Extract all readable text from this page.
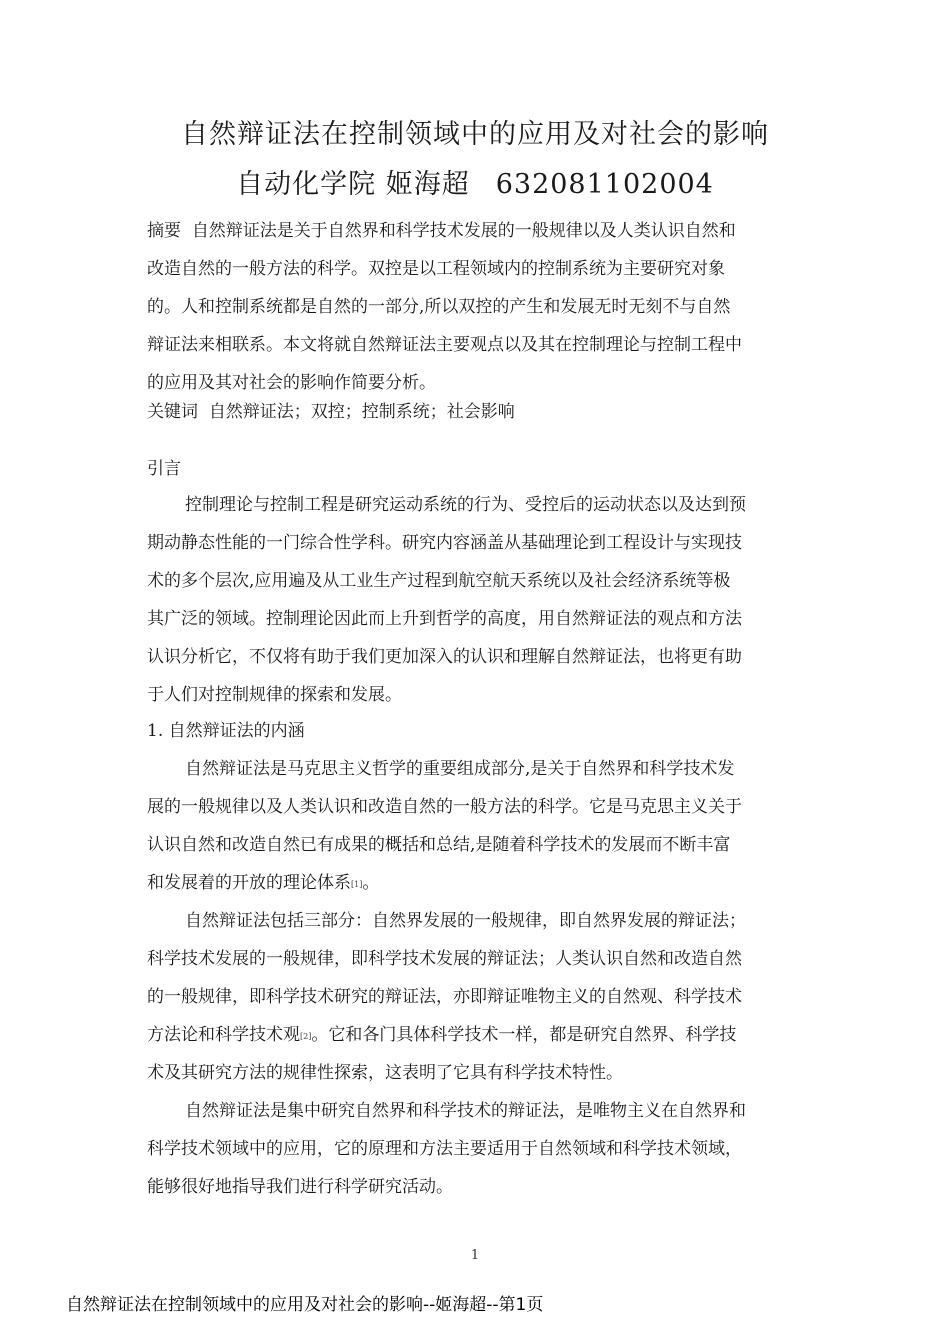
自然辩证法在控制领域中的应用及对社会的影响
自动化学院 姬海超 632081102004
摘要 自然辩证法是关于自然界和科学技术发展的一般规律以及人类认识自然和
改造自然的一般方法的科学。双控是以工程领域内的控制系统为主要研究对象
的。人和控制系统都是自然的一部分,所以双控的产生和发展无时无刻不与自然
辩证法来相联系。本文将就自然辩证法主要观点以及其在控制理论与控制工程中
的应用及其对社会的影响作简要分析。
关键词 自然辩证法；双控；控制系统；社会影响
引言
控制理论与控制工程是研究运动系统的行为、受控后的运动状态以及达到预
期动静态性能的一门综合性学科。研究内容涵盖从基础理论到工程设计与实现技
术的多个层次,应用遍及从工业生产过程到航空航天系统以及社会经济系统等极
其广泛的领域。控制理论因此而上升到哲学的高度，用自然辩证法的观点和方法
认识分析它，不仅将有助于我们更加深入的认识和理解自然辩证法，也将更有助
于人们对控制规律的探索和发展。
1. 自然辩证法的内涵
自然辩证法是马克思主义哲学的重要组成部分,是关于自然界和科学技术发
展的一般规律以及人类认识和改造自然的一般方法的科学。它是马克思主义关于
认识自然和改造自然已有成果的概括和总结,是随着科学技术的发展而不断丰富
和发展着的开放的理论体系[1]。
自然辩证法包括三部分：自然界发展的一般规律，即自然界发展的辩证法；
科学技术发展的一般规律，即科学技术发展的辩证法；人类认识自然和改造自然
的一般规律，即科学技术研究的辩证法，亦即辩证唯物主义的自然观、科学技术
方法论和科学技术观[2]。它和各门具体科学技术一样，都是研究自然界、科学技
术及其研究方法的规律性探索，这表明了它具有科学技术特性。
自然辩证法是集中研究自然界和科学技术的辩证法，是唯物主义在自然界和
科学技术领域中的应用，它的原理和方法主要适用于自然领域和科学技术领域，
能够很好地指导我们进行科学研究活动。
1
自然辩证法在控制领域中的应用及对社会的影响--姬海超--第1页
